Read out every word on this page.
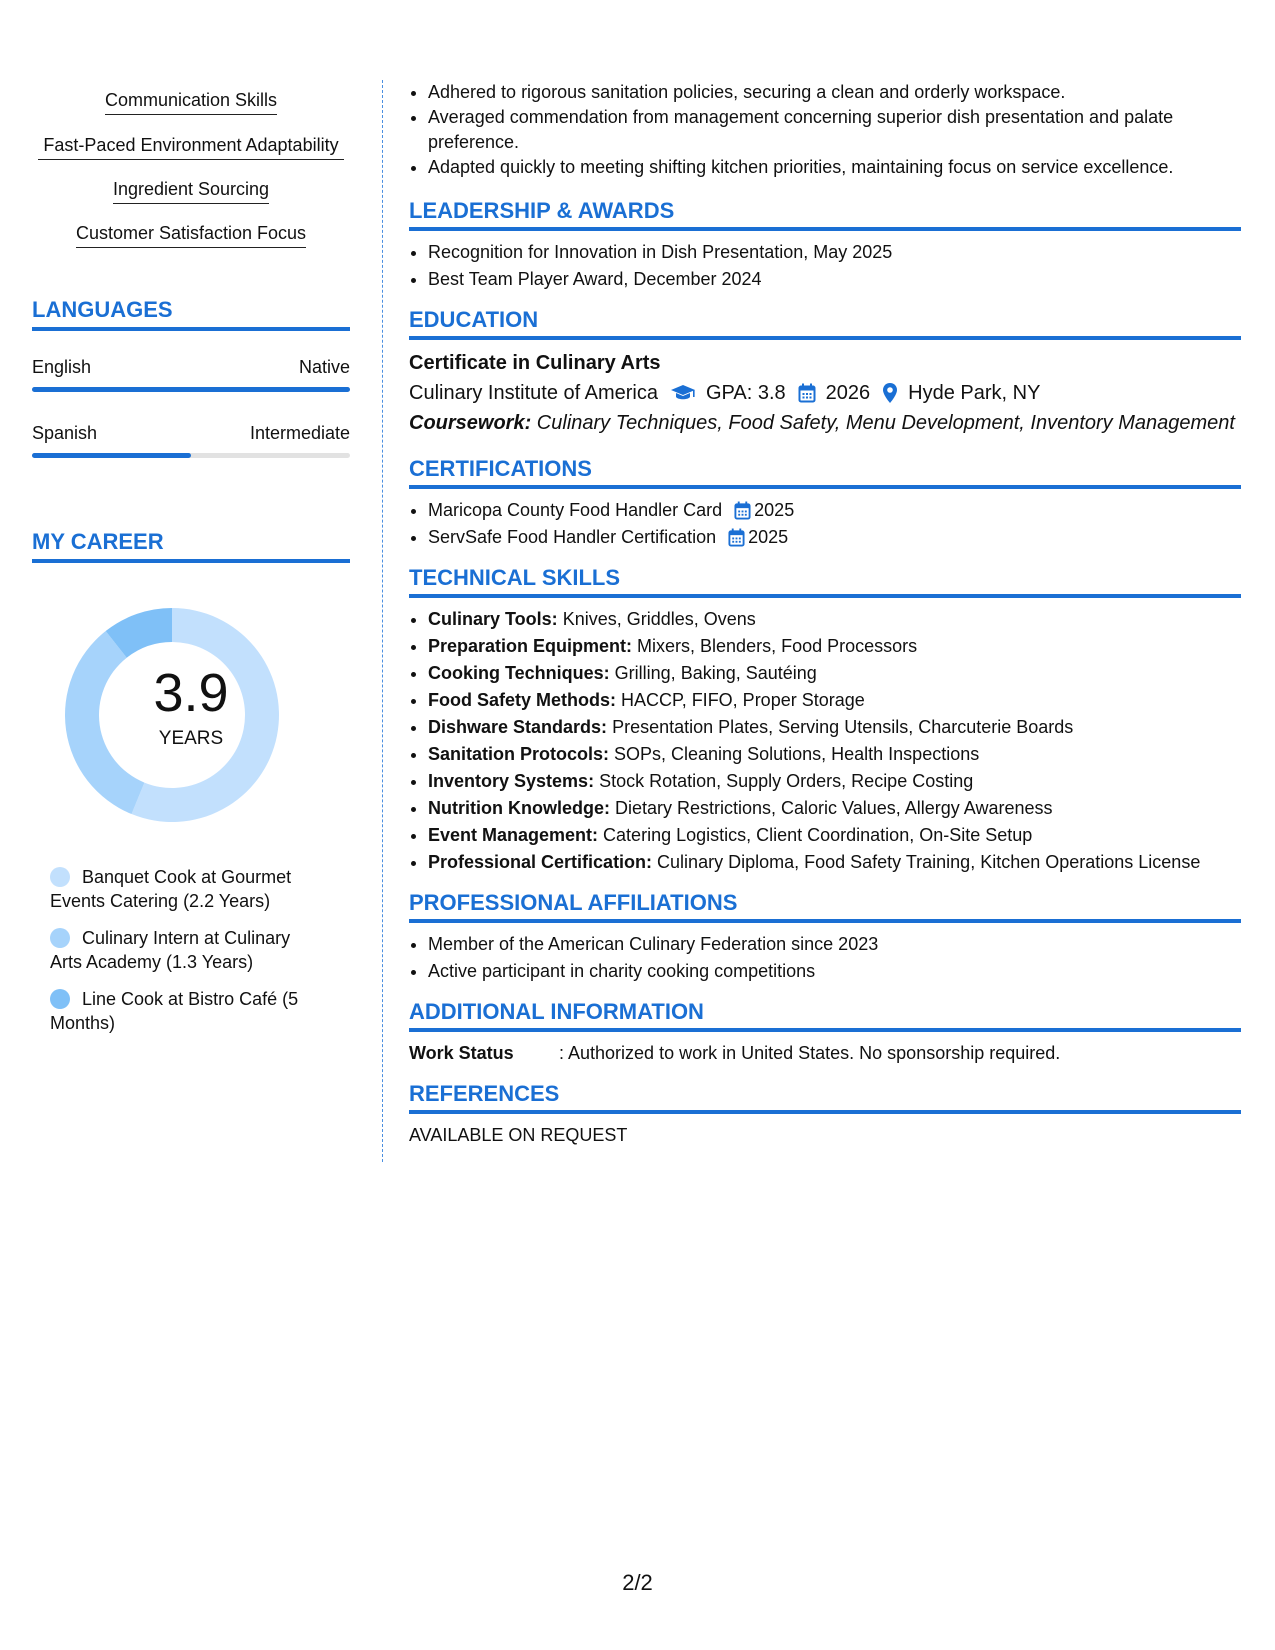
Communication Skills
Fast-Paced Environment Adaptability
Ingredient Sourcing
Customer Satisfaction Focus
LANGUAGES
English	Native
Spanish	Intermediate
MY CAREER
3.9
YEARS
Banquet Cook at Gourmet Events Catering (2.2 Years)
Culinary Intern at Culinary Arts Academy (1.3 Years)
Line Cook at Bistro Café (5 Months)
• Adhered to rigorous sanitation policies, securing a clean and orderly workspace.
• Averaged commendation from management concerning superior dish presentation and palate preference.
• Adapted quickly to meeting shifting kitchen priorities, maintaining focus on service excellence.
LEADERSHIP & AWARDS
• Recognition for Innovation in Dish Presentation, May 2025
• Best Team Player Award, December 2024
EDUCATION
Certificate in Culinary Arts
Culinary Institute of America GPA: 3.8 2026 Hyde Park, NY
Coursework: Culinary Techniques, Food Safety, Menu Development, Inventory Management
CERTIFICATIONS
• Maricopa County Food Handler Card 2025
• ServSafe Food Handler Certification 2025
TECHNICAL SKILLS
• Culinary Tools: Knives, Griddles, Ovens
• Preparation Equipment: Mixers, Blenders, Food Processors
• Cooking Techniques: Grilling, Baking, Sautéing
• Food Safety Methods: HACCP, FIFO, Proper Storage
• Dishware Standards: Presentation Plates, Serving Utensils, Charcuterie Boards
• Sanitation Protocols: SOPs, Cleaning Solutions, Health Inspections
• Inventory Systems: Stock Rotation, Supply Orders, Recipe Costing
• Nutrition Knowledge: Dietary Restrictions, Caloric Values, Allergy Awareness
• Event Management: Catering Logistics, Client Coordination, On-Site Setup
• Professional Certification: Culinary Diploma, Food Safety Training, Kitchen Operations License
PROFESSIONAL AFFILIATIONS
• Member of the American Culinary Federation since 2023
• Active participant in charity cooking competitions
ADDITIONAL INFORMATION
Work Status	: Authorized to work in United States. No sponsorship required.
REFERENCES
AVAILABLE ON REQUEST
2/2
